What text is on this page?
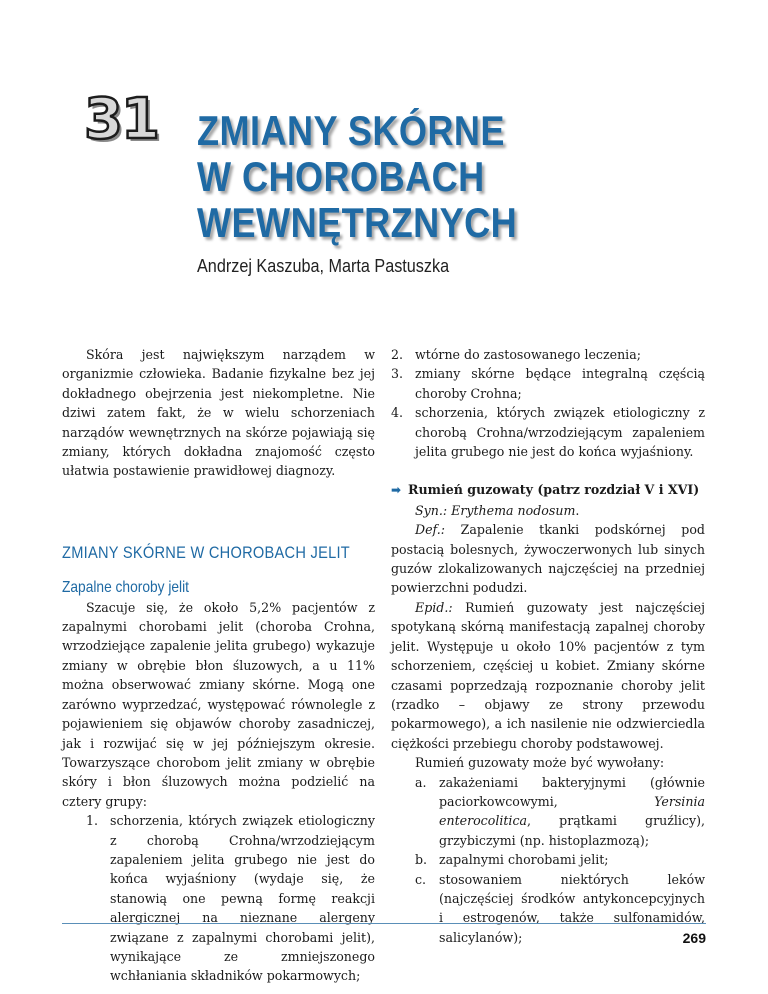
31 ZMIANY SKÓRNE
W CHOROBACH
WEWNĘTRZNYCH
Andrzej Kaszuba, Marta Pastuszka

Skóra jest największym narządem w organizmie człowieka. Badanie fizykalne bez jej dokładnego obejrzenia jest niekompletne. Nie dziwi zatem fakt, że w wielu schorzeniach narządów wewnętrznych na skórze pojawiają się zmiany, których dokładna znajomość często ułatwia postawienie prawidłowej diagnozy.

ZMIANY SKÓRNE W CHOROBACH JELIT
Zapalne choroby jelit

Szacuje się, że około 5,2% pacjentów z zapalnymi chorobami jelit (choroba Crohna, wrzodziejące zapalenie jelita grubego) wykazuje zmiany w obrębie błon śluzowych, a u 11% można obserwować zmiany skórne. Mogą one zarówno wyprzedzać, występować równolegle z pojawieniem się objawów choroby zasadniczej, jak i rozwijać się w jej późniejszym okresie. Towarzyszące chorobom jelit zmiany w obrębie skóry i błon śluzowych można podzielić na cztery grupy:

1. schorzenia, których związek etiologiczny z chorobą Crohna/wrzodziejącym zapaleniem jelita grubego nie jest do końca wyjaśniony (wydaje się, że stanowią one pewną formę reakcji alergicznej na nieznane alergeny związane z zapalnymi chorobami jelit), wynikające ze zmniejszonego wchłaniania składników pokarmowych;
2. wtórne do zastosowanego leczenia;
3. zmiany skórne będące integralną częścią choroby Crohna;
4. schorzenia, których związek etiologiczny z chorobą Crohna/wrzodziejącym zapaleniem jelita grubego nie jest do końca wyjaśniony.
➡ Rumień guzowaty (patrz rozdział V i XVI)

Syn.: Erythema nodosum.

Def.: Zapalenie tkanki podskórnej pod postacią bolesnych, żywoczerwonych lub sinych guzów zlokalizowanych najczęściej na przedniej powierzchni podudzi.

Epid.: Rumień guzowaty jest najczęściej spotykaną skórną manifestacją zapalnej choroby jelit. Występuje u około 10% pacjentów z tym schorzeniem, częściej u kobiet. Zmiany skórne czasami poprzedzają rozpoznanie choroby jelit (rzadko – objawy ze strony przewodu pokarmowego), a ich nasilenie nie odzwierciedla ciężkości przebiegu choroby podstawowej.

Rumień guzowaty może być wywołany:

a. zakażeniami bakteryjnymi (głównie paciorkowcowymi,	Yersinia enterocolitica, prątkami gruźlicy), grzybiczymi (np. histoplazmozą);
b. zapalnymi chorobami jelit;
c.	stosowaniem niektórych leków (najczęściej środków antykoncepcyjnych i estrogenów, także sulfonamidów, salicylanów);	269
